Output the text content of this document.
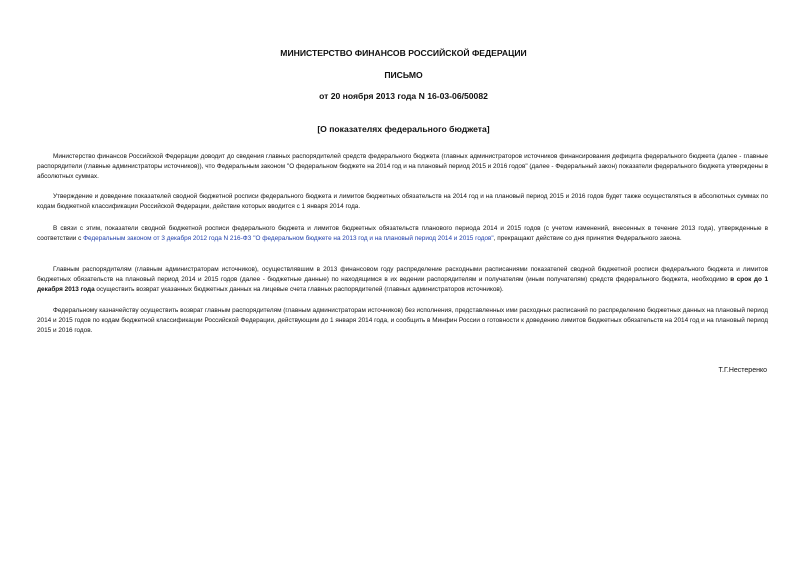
МИНИСТЕРСТВО ФИНАНСОВ РОССИЙСКОЙ ФЕДЕРАЦИИ
ПИСЬМО
от 20 ноября 2013 года N 16-03-06/50082
[О показателях федерального бюджета]

Министерство финансов Российской Федерации доводит до сведения главных распорядителей средств федерального бюджета (главных администраторов источников финансирования дефицита федерального бюджета (далее - главные распорядители (главные администраторы источников)), что Федеральным законом "О федеральном бюджете на 2014 год и на плановый период 2015 и 2016 годов" (далее - Федеральный закон) показатели федерального бюджета утверждены в абсолютных суммах.

Утверждение и доведение показателей сводной бюджетной росписи федерального бюджета и лимитов бюджетных обязательств на 2014 год и на плановый период 2015 и 2016 годов будет также осуществляться в абсолютных суммах по кодам бюджетной классификации Российской Федерации, действие которых вводится с 1 января 2014 года.

В связи с этим, показатели сводной бюджетной росписи федерального бюджета и лимитов бюджетных обязательств планового периода 2014 и 2015 годов (с учетом изменений, внесенных в течение 2013 года), утвержденные в соответствии с Федеральным законом от 3 декабря 2012 года N 216-ФЗ "О федеральном бюджете на 2013 год и на плановый период 2014 и 2015 годов", прекращают действие со дня принятия Федерального закона.

Главным распорядителям (главным администраторам источников), осуществлявшим в 2013 финансовом году распределение расходными расписаниями показателей сводной бюджетной росписи федерального бюджета и лимитов бюджетных обязательств на плановый период 2014 и 2015 годов (далее - бюджетные данные) по находящимся в их ведении распорядителям и получателям (иным получателям) средств федерального бюджета, необходимо в срок до 1 декабря 2013 года осуществить возврат указанных бюджетных данных на лицевые счета главных распорядителей (главных администраторов источников).

Федеральному казначейству осуществить возврат главным распорядителям (главным администраторам источников) без исполнения, представленных ими расходных расписаний по распределению бюджетных данных на плановый период 2014 и 2015 годов по кодам бюджетной классификации Российской Федерации, действующим до 1 января 2014 года, и сообщить в Минфин России о готовности к доведению лимитов бюджетных обязательств на 2014 год и на плановый период 2015 и 2016 годов.

Т.Г.Нестеренко
